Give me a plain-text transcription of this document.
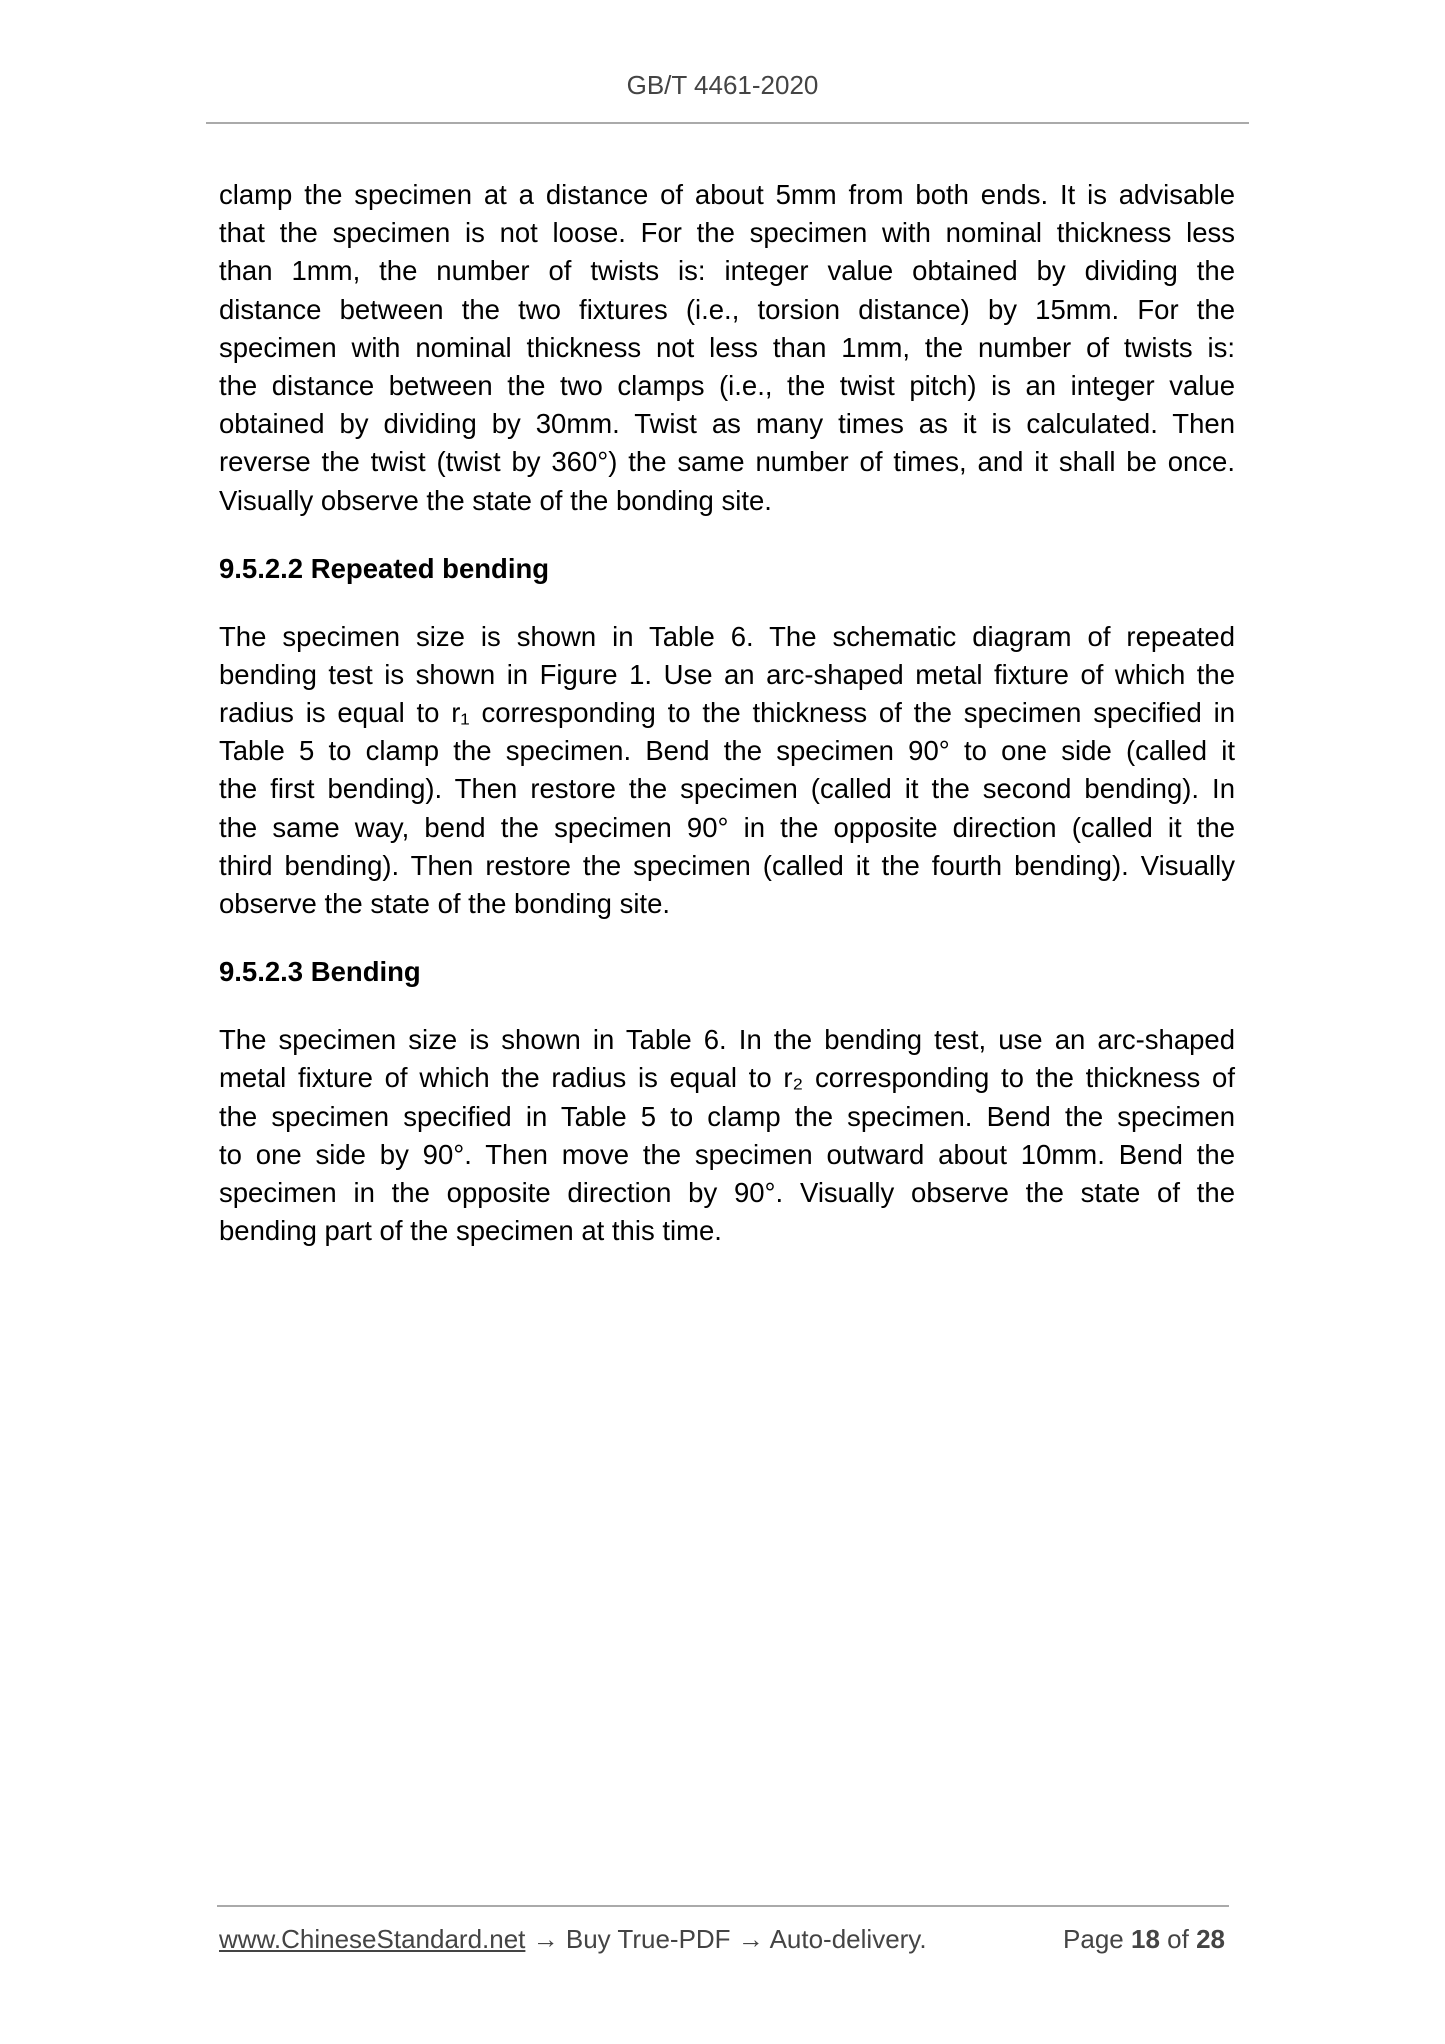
GB/T 4461-2020
clamp the specimen at a distance of about 5mm from both ends. It is advisable
that the specimen is not loose. For the specimen with nominal thickness less
than 1mm, the number of twists is: integer value obtained by dividing the
distance between the two fixtures (i.e., torsion distance) by 15mm. For the
specimen with nominal thickness not less than 1mm, the number of twists is:
the distance between the two clamps (i.e., the twist pitch) is an integer value
obtained by dividing by 30mm. Twist as many times as it is calculated. Then
reverse the twist (twist by 360°) the same number of times, and it shall be once.
Visually observe the state of the bonding site.
9.5.2.2 Repeated bending
The specimen size is shown in Table 6. The schematic diagram of repeated
bending test is shown in Figure 1. Use an arc-shaped metal fixture of which the
radius is equal to r₁ corresponding to the thickness of the specimen specified in
Table 5 to clamp the specimen. Bend the specimen 90° to one side (called it
the first bending). Then restore the specimen (called it the second bending). In
the same way, bend the specimen 90° in the opposite direction (called it the
third bending). Then restore the specimen (called it the fourth bending). Visually
observe the state of the bonding site.
9.5.2.3 Bending
The specimen size is shown in Table 6. In the bending test, use an arc-shaped
metal fixture of which the radius is equal to r₂ corresponding to the thickness of
the specimen specified in Table 5 to clamp the specimen. Bend the specimen
to one side by 90°. Then move the specimen outward about 10mm. Bend the
specimen in the opposite direction by 90°. Visually observe the state of the
bending part of the specimen at this time.
www.ChineseStandard.net → Buy True-PDF → Auto-delivery.	Page 18 of 28
